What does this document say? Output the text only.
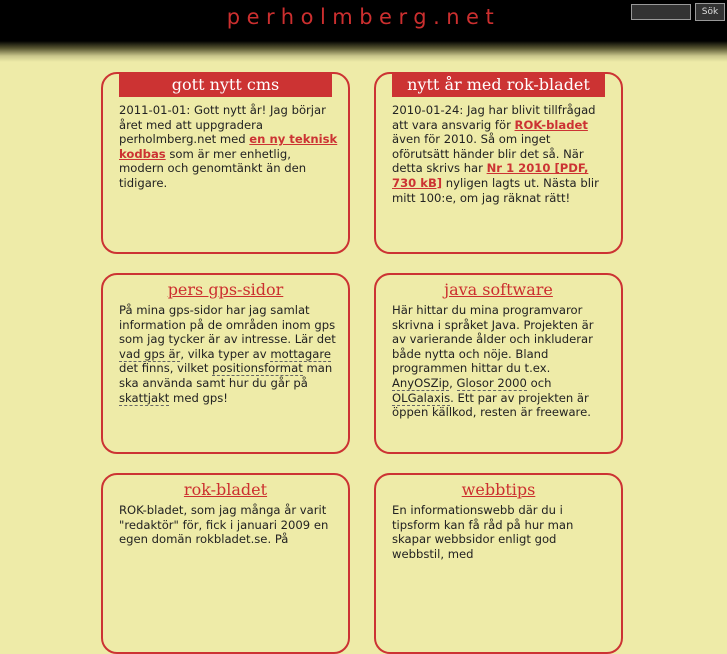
perholmberg.net	Sök
gott nytt cms
2011-01-01: Gott nytt år! Jag börjar året med att uppgradera perholmberg.net med en ny teknisk kodbas som är mer enhetlig, modern och genomtänkt än den tidigare.
nytt år med rok-bladet
2010-01-24: Jag har blivit tillfrågad att vara ansvarig för ROK-bladet även för 2010. Så om inget oförutsätt händer blir det så. När detta skrivs har Nr 1 2010 [PDF, 730 kB] nyligen lagts ut. Nästa blir mitt 100:e, om jag räknat rätt!
pers gps-sidor
På mina gps-sidor har jag samlat information på de områden inom gps som jag tycker är av intresse. Lär det vad gps är, vilka typer av mottagare det finns, vilket positionsformat man ska använda samt hur du går på skattjakt med gps!
java software
Här hittar du mina programvaror skrivna i språket Java. Projekten är av varierande ålder och inkluderar både nytta och nöje. Bland programmen hittar du t.ex. AnyOSZip, Glosor 2000 och OLGalaxis. Ett par av projekten är öppen källkod, resten är freeware.
rok-bladet
ROK-bladet, som jag många år varit "redaktör" för, fick i januari 2009 en egen domän rokbladet.se. På
webbtips
En informationswebb där du i tipsform kan få råd på hur man skapar webbsidor enligt god webbstil, med
